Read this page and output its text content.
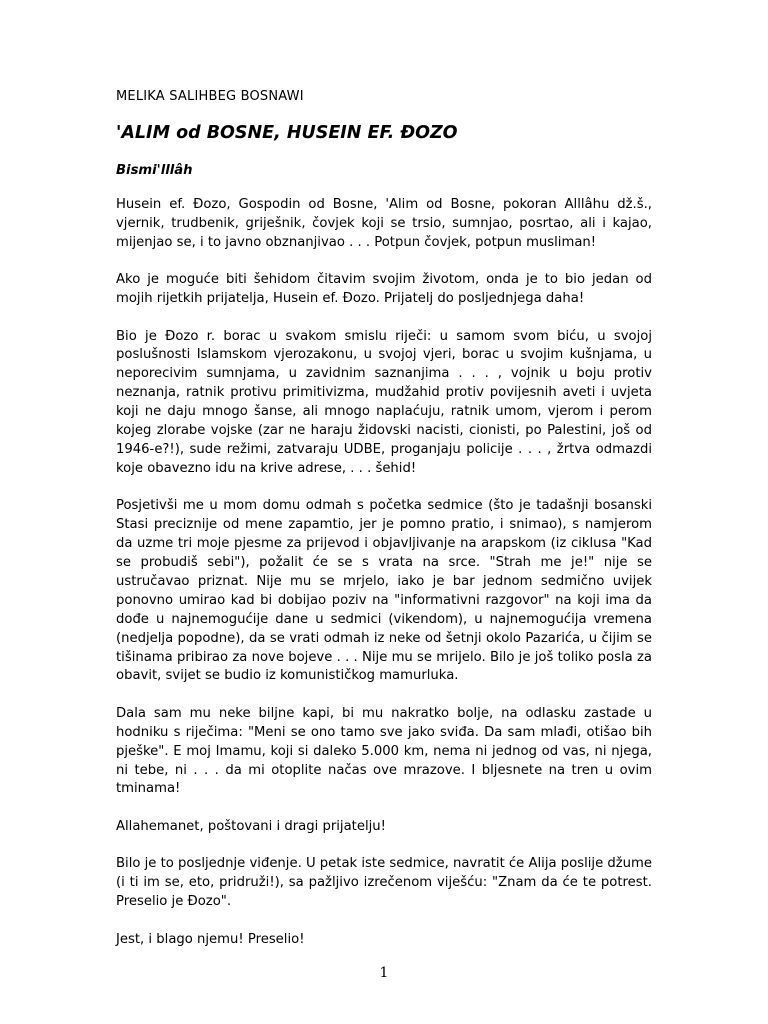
MELIKA SALIHBEG BOSNAWI
'ALIM od BOSNE, HUSEIN EF. ĐOZO
Bismi'lllâh

Husein ef. Đozo, Gospodin od Bosne, 'Alim od Bosne, pokoran Alllâhu dž.š., vjernik, trudbenik, griješnik, čovjek koji se trsio, sumnjao, posrtao, ali i kajao, mijenjao se, i to javno obznanjivao . . . Potpun čovjek, potpun musliman!

Ako je moguće biti šehidom čitavim svojim životom, onda je to bio jedan od mojih rijetkih prijatelja, Husein ef. Đozo. Prijatelj do posljednjega daha!

Bio je Đozo r. borac u svakom smislu riječi: u samom svom biću, u svojoj poslušnosti Islamskom vjerozakonu, u svojoj vjeri, borac u svojim kušnjama, u neporecivim sumnjama, u zavidnim saznanjima . . . , vojnik u boju protiv neznanja, ratnik protivu primitivizma, mudžahid protiv povijesnih aveti i uvjeta koji ne daju mnogo šanse, ali mnogo naplaćuju, ratnik umom, vjerom i perom kojeg zlorabe vojske (zar ne haraju židovski nacisti, cionisti, po Palestini, još od 1946-e?!), sude režimi, zatvaraju UDBE, proganjaju policije . . . , žrtva odmazdi koje obavezno idu na krive adrese, . . . šehid!

Posjetivši me u mom domu odmah s početka sedmice (što je tadašnji bosanski Stasi preciznije od mene zapamtio, jer je pomno pratio, i snimao), s namjerom da uzme tri moje pjesme za prijevod i objavljivanje na arapskom (iz ciklusa "Kad se probudiš sebi"), požalit će se s vrata na srce. "Strah me je!" nije se ustručavao priznat. Nije mu se mrjelo, iako je bar jednom sedmično uvijek ponovno umirao kad bi dobijao poziv na "informativni razgovor" na koji ima da dođe u najnemogućije dane u sedmici (vikendom), u najnemogućija vremena (nedjelja popodne), da se vrati odmah iz neke od šetnji okolo Pazarića, u čijim se tišinama pribirao za nove bojeve . . . Nije mu se mrijelo. Bilo je još toliko posla za obavit, svijet se budio iz komunističkog mamurluka.

Dala sam mu neke biljne kapi, bi mu nakratko bolje, na odlasku zastade u hodniku s riječima: "Meni se ono tamo sve jako sviđa. Da sam mlađi, otišao bih pješke". E moj Imamu, koji si daleko 5.000 km, nema ni jednog od vas, ni njega, ni tebe, ni . . . da mi otoplite načas ove mrazove. I bljesnete na tren u ovim tminama!

Allahemanet, poštovani i dragi prijatelju!

Bilo je to posljednje viđenje. U petak iste sedmice, navratit će Alija poslije džume (i ti im se, eto, pridruži!), sa pažljivo izrečenom viješću: "Znam da će te potrest. Preselio je Đozo".

Jest, i blago njemu! Preselio!

1
